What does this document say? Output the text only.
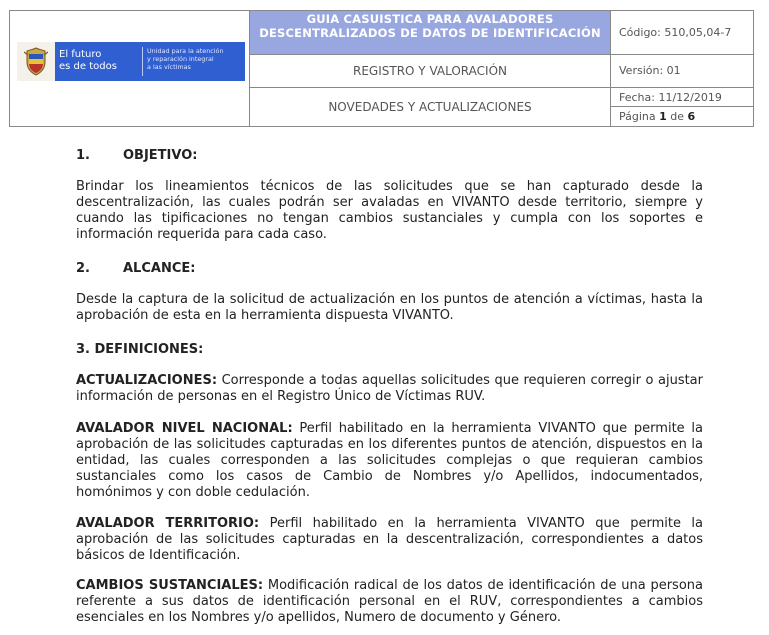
El futuro
es de todos
Unidad para la atención
y reparación integral
a las víctimas
GUIA CASUISTICA PARA AVALADORES DESCENTRALIZADOS DE DATOS DE IDENTIFICACIÓN
REGISTRO Y VALORACIÓN
NOVEDADES Y ACTUALIZACIONES
Código: 510,05,04-7
Versión: 01
Fecha: 11/12/2019
Página 1 de 6
1.	OBJETIVO:

Brindar los lineamientos técnicos de las solicitudes que se han capturado desde la descentralización, las cuales podrán ser avaladas en VIVANTO desde territorio, siempre y cuando las tipificaciones no tengan cambios sustanciales y cumpla con los soportes e información requerida para cada caso.

2.	ALCANCE:

Desde la captura de la solicitud de actualización en los puntos de atención a víctimas, hasta la aprobación de esta en la herramienta dispuesta VIVANTO.

3. DEFINICIONES:

ACTUALIZACIONES: Corresponde a todas aquellas solicitudes que requieren corregir o ajustar información de personas en el Registro Único de Víctimas RUV.

AVALADOR NIVEL NACIONAL: Perfil habilitado en la herramienta VIVANTO que permite la aprobación de las solicitudes capturadas en los diferentes puntos de atención, dispuestos en la entidad, las cuales corresponden a las solicitudes complejas o que requieran cambios sustanciales como los casos de Cambio de Nombres y/o Apellidos, indocumentados, homónimos y con doble cedulación.

AVALADOR TERRITORIO: Perfil habilitado en la herramienta VIVANTO que permite la aprobación de las solicitudes capturadas en la descentralización, correspondientes a datos básicos de Identificación.

CAMBIOS SUSTANCIALES: Modificación radical de los datos de identificación de una persona referente a sus datos de identificación personal en el RUV, correspondientes a cambios esenciales en los Nombres y/o apellidos, Numero de documento y Género.
